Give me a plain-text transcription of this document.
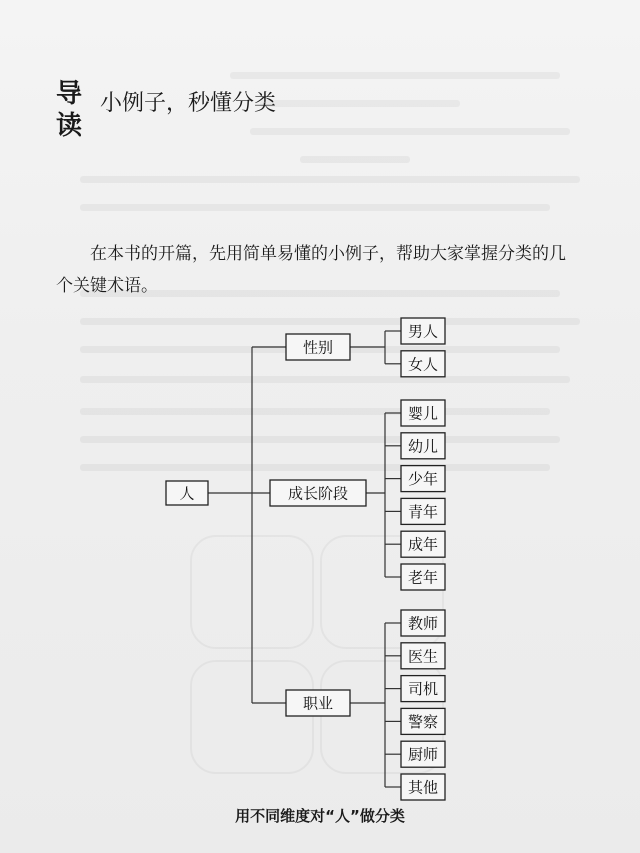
导
读
小例子，秒懂分类
在本书的开篇，先用简单易懂的小例子，帮助大家掌握分类的几个关键术语。
人
性别
男人
女人
成长阶段
婴儿
幼儿
少年
青年
成年
老年
职业
教师
医生
司机
警察
厨师
其他
用不同维度对“人”做分类
